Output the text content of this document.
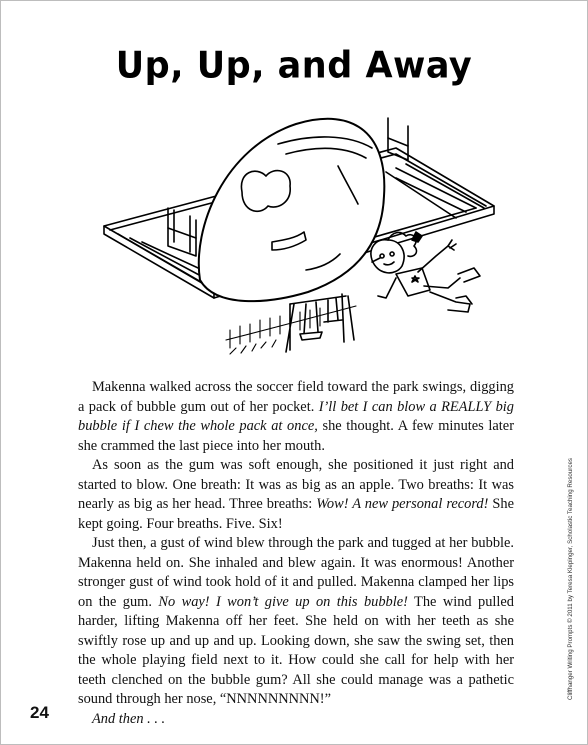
Up, Up, and Away

Makenna walked across the soccer field toward the park swings, digging a pack of bubble gum out of her pocket. I’ll bet I can blow a REALLY big bubble if I chew the whole pack at once, she thought. A few minutes later she crammed the last piece into her mouth.

As soon as the gum was soft enough, she positioned it just right and started to blow. One breath: It was as big as an apple. Two breaths: It was nearly as big as her head. Three breaths: Wow! A new personal record! She kept going. Four breaths. Five. Six!

Just then, a gust of wind blew through the park and tugged at her bubble. Makenna held on. She inhaled and blew again. It was enormous! Another stronger gust of wind took hold of it and pulled. Makenna clamped her lips on the gum. No way! I won’t give up on this bubble! The wind pulled harder, lifting Makenna off her feet. She held on with her teeth as she swiftly rose up and up and up. Looking down, she saw the swing set, then the whole playing field next to it. How could she call for help with her teeth clenched on the bubble gum? All she could manage was a pathetic sound through her nose, “NNNNNNNNN!”

And then . . .

24
Cliffhanger Writing Prompts © 2011 by Teresa Klepinger, Scholastic Teaching Resources
